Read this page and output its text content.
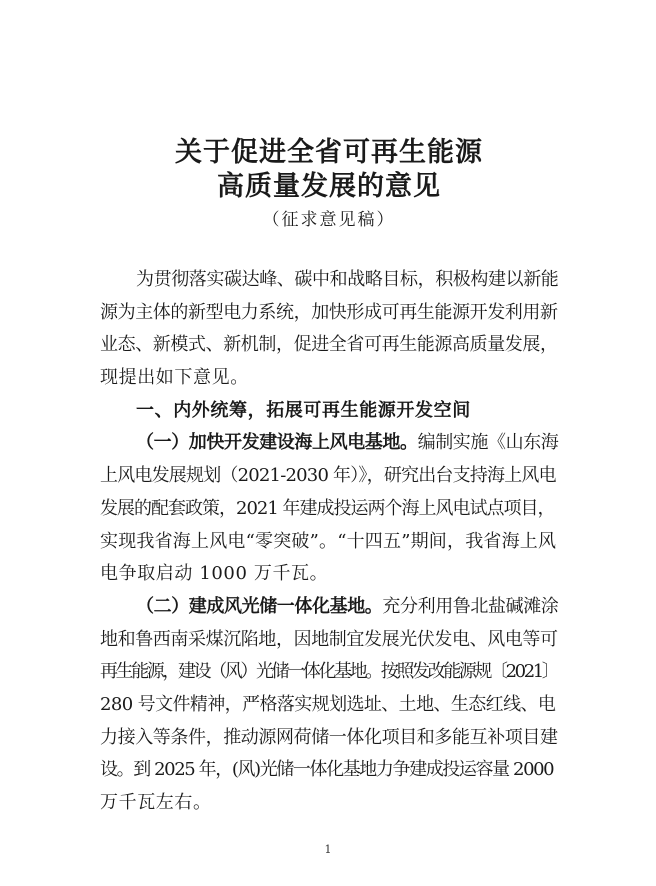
关于促进全省可再生能源
高质量发展的意见
（征求意见稿）

为贯彻落实碳达峰、碳中和战略目标，积极构建以新能
源为主体的新型电力系统，加快形成可再生能源开发利用新
业态、新模式、新机制，促进全省可再生能源高质量发展，
现提出如下意见。

一、内外统筹，拓展可再生能源开发空间

（一）加快开发建设海上风电基地。编制实施《山东海
上风电发展规划（2021-2030 年）》，研究出台支持海上风电
发展的配套政策，2021 年建成投运两个海上风电试点项目，
实现我省海上风电“零突破”。“十四五”期间，我省海上风
电争取启动 1000 万千瓦。

（二）建成风光储一体化基地。充分利用鲁北盐碱滩涂
地和鲁西南采煤沉陷地，因地制宜发展光伏发电、风电等可
再生能源，建设（风）光储一体化基地。按照发改能源规〔2021〕
280 号文件精神，严格落实规划选址、土地、生态红线、电
力接入等条件，推动源网荷储一体化项目和多能互补项目建
设。到 2025 年，(风)光储一体化基地力争建成投运容量 2000
万千瓦左右。

1
